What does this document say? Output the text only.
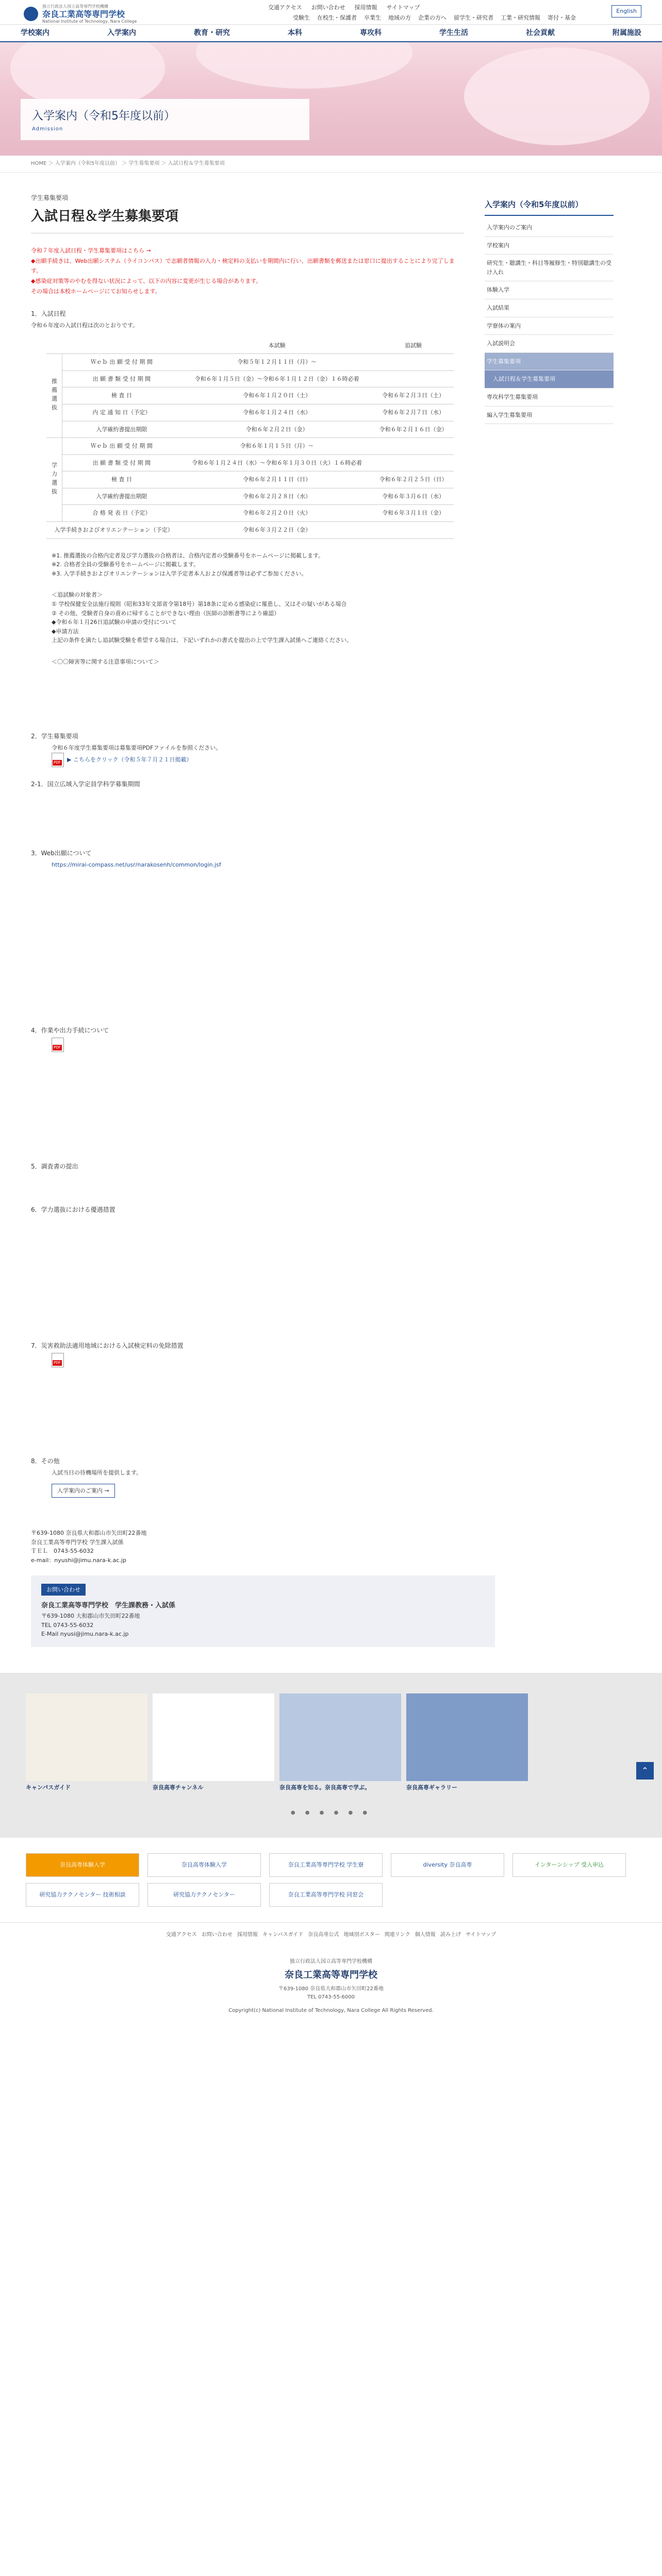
独立行政法人国立高等専門学校機構
奈良工業高等専門学校
National Institute of Technology, Nara College
交通アクセス お問い合わせ 採用情報 サイトマップ
English
受験生 在校生・保護者 卒業生 地域の方 企業の方へ 留学生・研究者 工業・研究情報 寄付・基金
学校案内	入学案内	教育・研究	本科	専攻科	学生生活	社会貢献	附属施設
入学案内（令和5年度以前）

Admission

HOME ＞ 入学案内（令和5年度以前） ＞ 学生募集要項 ＞ 入試日程＆学生募集要項
学生募集要項
入試日程＆学生募集要項

令和７年度入試日程・学生募集要項はこちら →

◆出願手続きは、Web出願システム（ライコンパス）で志願者情報の入力・検定料の支払いを期間内に行い、出願書類を郵送または窓口に提出することにより完了します。

◆感染症対策等のやむを得ない状況によって、以下の内容に変更が生じる場合があります。

その場合は本校ホームページにてお知らせします。

1．入試日程

令和６年度の入試日程は次のとおりです。

		本試験	追試験
推薦選抜	Ｗｅｂ 出 願 受 付 期 間	令和５年１２月１１日（月）～	
	出 願 書 類 受 付 期 間	令和６年１月５日（金）～令和６年１月１２日（金）１６時必着	
	検 査 日	令和６年１月２０日（土）	令和６年２月３日（土）
	内 定 通 知 日（予定）	令和６年１月２４日（水）	令和６年２月７日（水）
	入学確約書提出期限	令和６年２月２日（金）	令和６年２月１６日（金）
学力選抜	Ｗｅｂ 出 願 受 付 期 間	令和６年１月１５日（月）～	
	出 願 書 類 受 付 期 間	令和６年１月２４日（水）～令和６年１月３０日（火）１６時必着	
	検 査 日	令和６年２月１１日（日）	令和６年２月２５日（日）
	入学確約書提出期限	令和６年２月２８日（水）	令和６年３月６日（水）
	合 格 発 表 日（予定）	令和６年２月２０日（火）	令和６年３月１日（金）
入学手続きおよびオリエンテーション（予定）		令和６年３月２２日（金）	

※1. 推薦選抜の合格内定者及び学力選抜の合格者は、合格内定者の受験番号をホームページに掲載します。

※2. 合格者全員の受験番号をホームページに掲載します。

※3. 入学手続きおよびオリエンテーションは入学予定者本人および保護者等は必ずご参加ください。

＜追試験の対象者＞

① 学校保健安全法施行規則（昭和33年文部省令第18号）第18条に定める感染症に罹患し、又はその疑いがある場合

② その他、受験者自身の責めに帰することができない理由（医師の診断書等により確認）

◆令和６年１月26日追試験の申請の受付について

◆申請方法

上記の条件を満たし追試験受験を希望する場合は、下記いずれかの書式を提出の上で学生課入試係へご連絡ください。

＜〇〇障害等に関する注意事項について＞

2．学生募集要項

令和６年度学生募集要項は募集要項PDFファイルを参照ください。

PDF▶ こちらをクリック（令和５年７月２１日掲載）

2-1．国立広域入学定員学科学募集期間
3．Web出願について

https://mirai-compass.net/usr/narakosenh/common/login.jsf

4．作業や出力手続について

PDF

5．調査書の提出
6．学力選抜における優遇措置
7．災害救助法適用地域における入試検定料の免除措置

PDF

8．その他

入試当日の待機場所を提供します。

入学案内のご案内 →

入学案内（令和5年度以前）
入学案内のご案内
学校案内
研究生・聴講生・科目等履修生・特別聴講生の受け入れ
体験入学
入試結果
学寮体の案内
入試説明会
学生募集要項
入試日程＆学生募集要項
専攻科学生募集要項
編入学生募集要項

〒639-1080 奈良県大和郡山市矢田町22番地

奈良工業高等専門学校 学生課入試係

ＴＥＬ　0743-55-6032

e-mail：nyushi@jimu.nara-k.ac.jp

お問い合わせ

奈良工業高等専門学校　学生課教務・入試係

〒639-1080 大和郡山市矢田町22番地

TEL 0743-55-6032

E-Mail nyusi@jimu.nara-k.ac.jp

キャンパスガイド	奈良高専チャンネル	奈良高専を知る。奈良高専で学ぶ。	奈良高専ギャラリー
● ● ● ● ● ●
奈良高専体験入学	奈良高専体験入学	奈良工業高等専門学校 学生寮	diversity 奈良高専	インターンシップ 受入申込
研究協力テクノセンター 技術相談	研究協力テクノセンター	奈良工業高等専門学校 同窓会
交通アクセス お問い合わせ 採用情報 キャンパスガイド 奈良高専公式 地域別ポスター 関連リンク 個人情報 読み上げ サイトマップ

独立行政法人国立高等専門学校機構

奈良工業高等専門学校

〒639-1080 奈良県大和郡山市矢田町22番地

TEL 0743-55-6000

Copyright(c) National Institute of Technology, Nara College All Rights Reserved.

⌃
